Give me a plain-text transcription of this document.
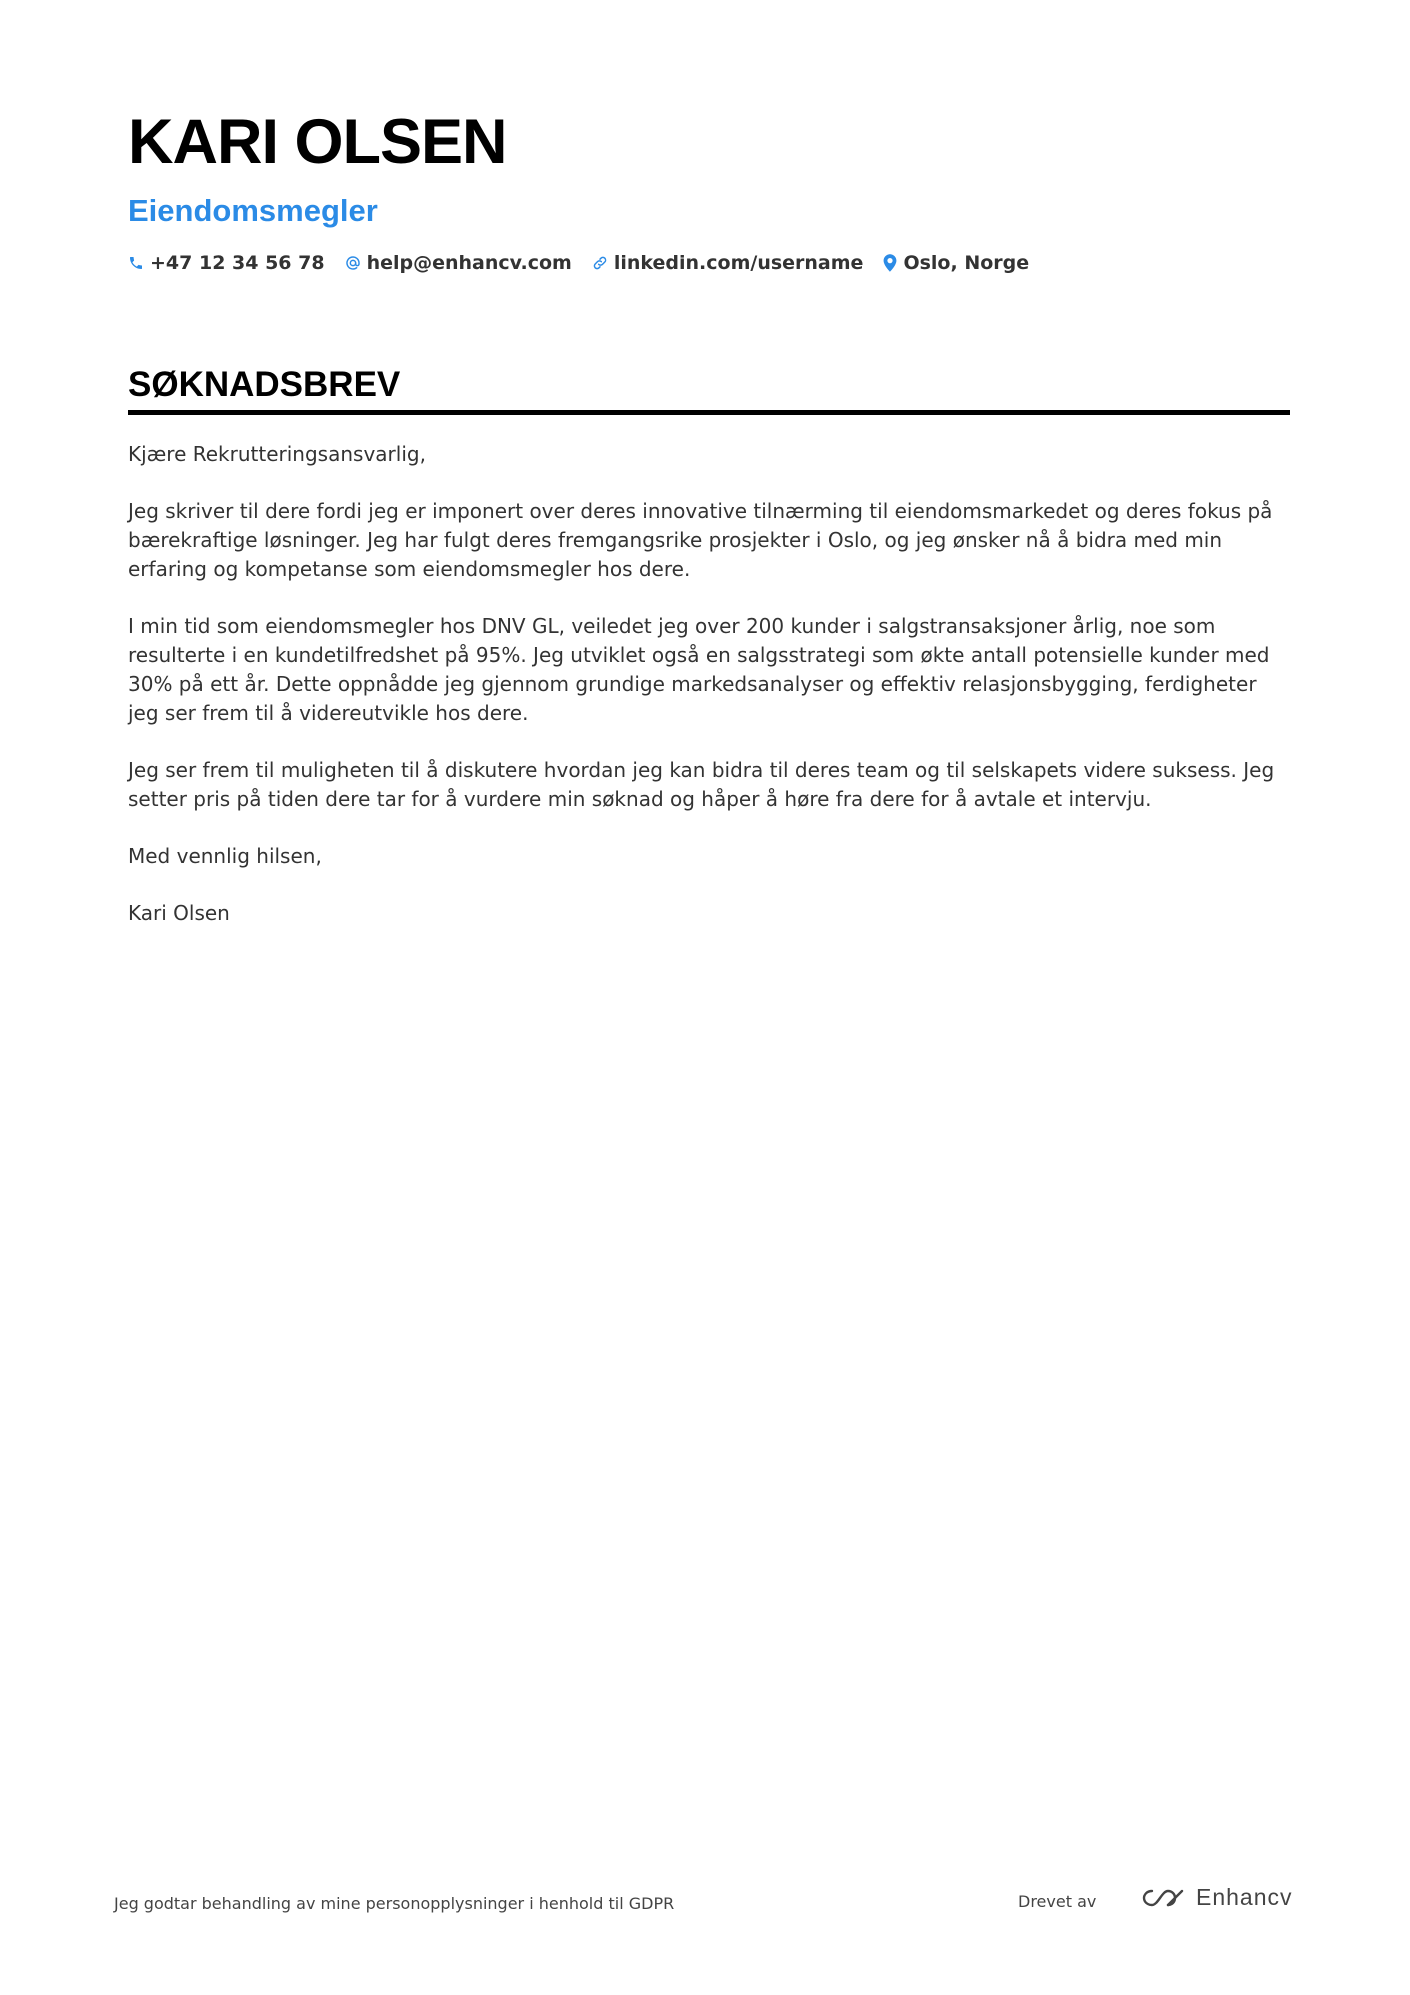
KARI OLSEN
Eiendomsmegler
+47 12 34 56 78 help@enhancv.com linkedin.com/username Oslo, Norge
SØKNADSBREV

Kjære Rekrutteringsansvarlig,

Jeg skriver til dere fordi jeg er imponert over deres innovative tilnærming til eiendomsmarkedet og deres fokus på bærekraftige løsninger. Jeg har fulgt deres fremgangsrike prosjekter i Oslo, og jeg ønsker nå å bidra med min erfaring og kompetanse som eiendomsmegler hos dere.

I min tid som eiendomsmegler hos DNV GL, veiledet jeg over 200 kunder i salgstransaksjoner årlig, noe som resulterte i en kundetilfredshet på 95%. Jeg utviklet også en salgsstrategi som økte antall potensielle kunder med 30% på ett år. Dette oppnådde jeg gjennom grundige markedsanalyser og effektiv relasjonsbygging, ferdigheter jeg ser frem til å videreutvikle hos dere.

Jeg ser frem til muligheten til å diskutere hvordan jeg kan bidra til deres team og til selskapets videre suksess. Jeg setter pris på tiden dere tar for å vurdere min søknad og håper å høre fra dere for å avtale et intervju.

Med vennlig hilsen,

Kari Olsen

Jeg godtar behandling av mine personopplysninger i henhold til GDPR	Drevet av	Enhancv
